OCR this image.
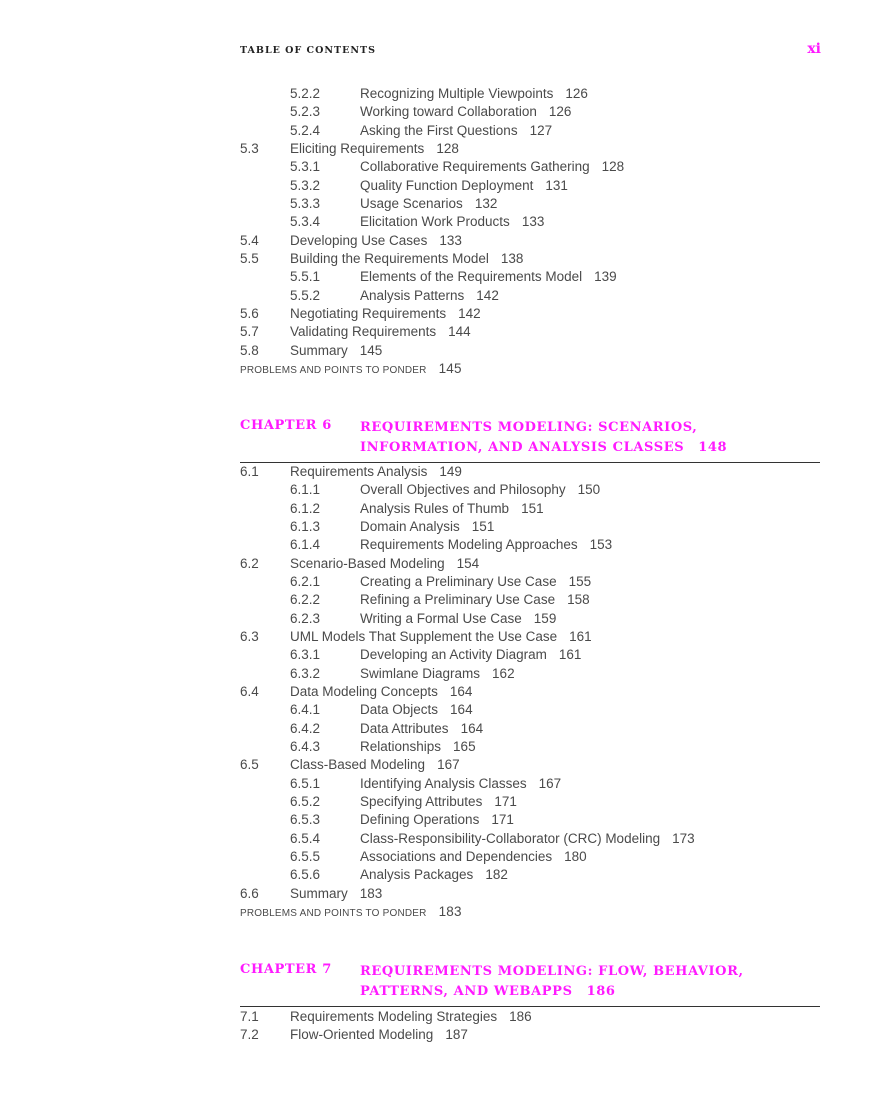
TABLE OF CONTENTS	xi
5.2.2	Recognizing Multiple Viewpoints 126
5.2.3	Working toward Collaboration 126
5.2.4	Asking the First Questions 127
5.3 Eliciting Requirements 128
5.3.1	Collaborative Requirements Gathering 128
5.3.2	Quality Function Deployment 131
5.3.3	Usage Scenarios 132
5.3.4	Elicitation Work Products 133
5.4 Developing Use Cases 133
5.5 Building the Requirements Model 138
5.5.1	Elements of the Requirements Model 139
5.5.2	Analysis Patterns 142
5.6 Negotiating Requirements 142
5.7 Validating Requirements 144
5.8 Summary 145
PROBLEMS AND POINTS TO PONDER 145
CHAPTER 6 REQUIREMENTS MODELING: SCENARIOS, INFORMATION, AND ANALYSIS CLASSES 148
6.1 Requirements Analysis 149
6.1.1	Overall Objectives and Philosophy 150
6.1.2	Analysis Rules of Thumb 151
6.1.3	Domain Analysis 151
6.1.4	Requirements Modeling Approaches 153
6.2 Scenario-Based Modeling 154
6.2.1	Creating a Preliminary Use Case 155
6.2.2	Refining a Preliminary Use Case 158
6.2.3	Writing a Formal Use Case 159
6.3 UML Models That Supplement the Use Case 161
6.3.1	Developing an Activity Diagram 161
6.3.2	Swimlane Diagrams 162
6.4 Data Modeling Concepts 164
6.4.1	Data Objects 164
6.4.2	Data Attributes 164
6.4.3	Relationships 165
6.5 Class-Based Modeling 167
6.5.1	Identifying Analysis Classes 167
6.5.2	Specifying Attributes 171
6.5.3	Defining Operations 171
6.5.4	Class-Responsibility-Collaborator (CRC) Modeling 173
6.5.5	Associations and Dependencies 180
6.5.6	Analysis Packages 182
6.6 Summary 183
PROBLEMS AND POINTS TO PONDER 183
CHAPTER 7 REQUIREMENTS MODELING: FLOW, BEHAVIOR, PATTERNS, AND WEBAPPS 186
7.1 Requirements Modeling Strategies 186
7.2 Flow-Oriented Modeling 187
